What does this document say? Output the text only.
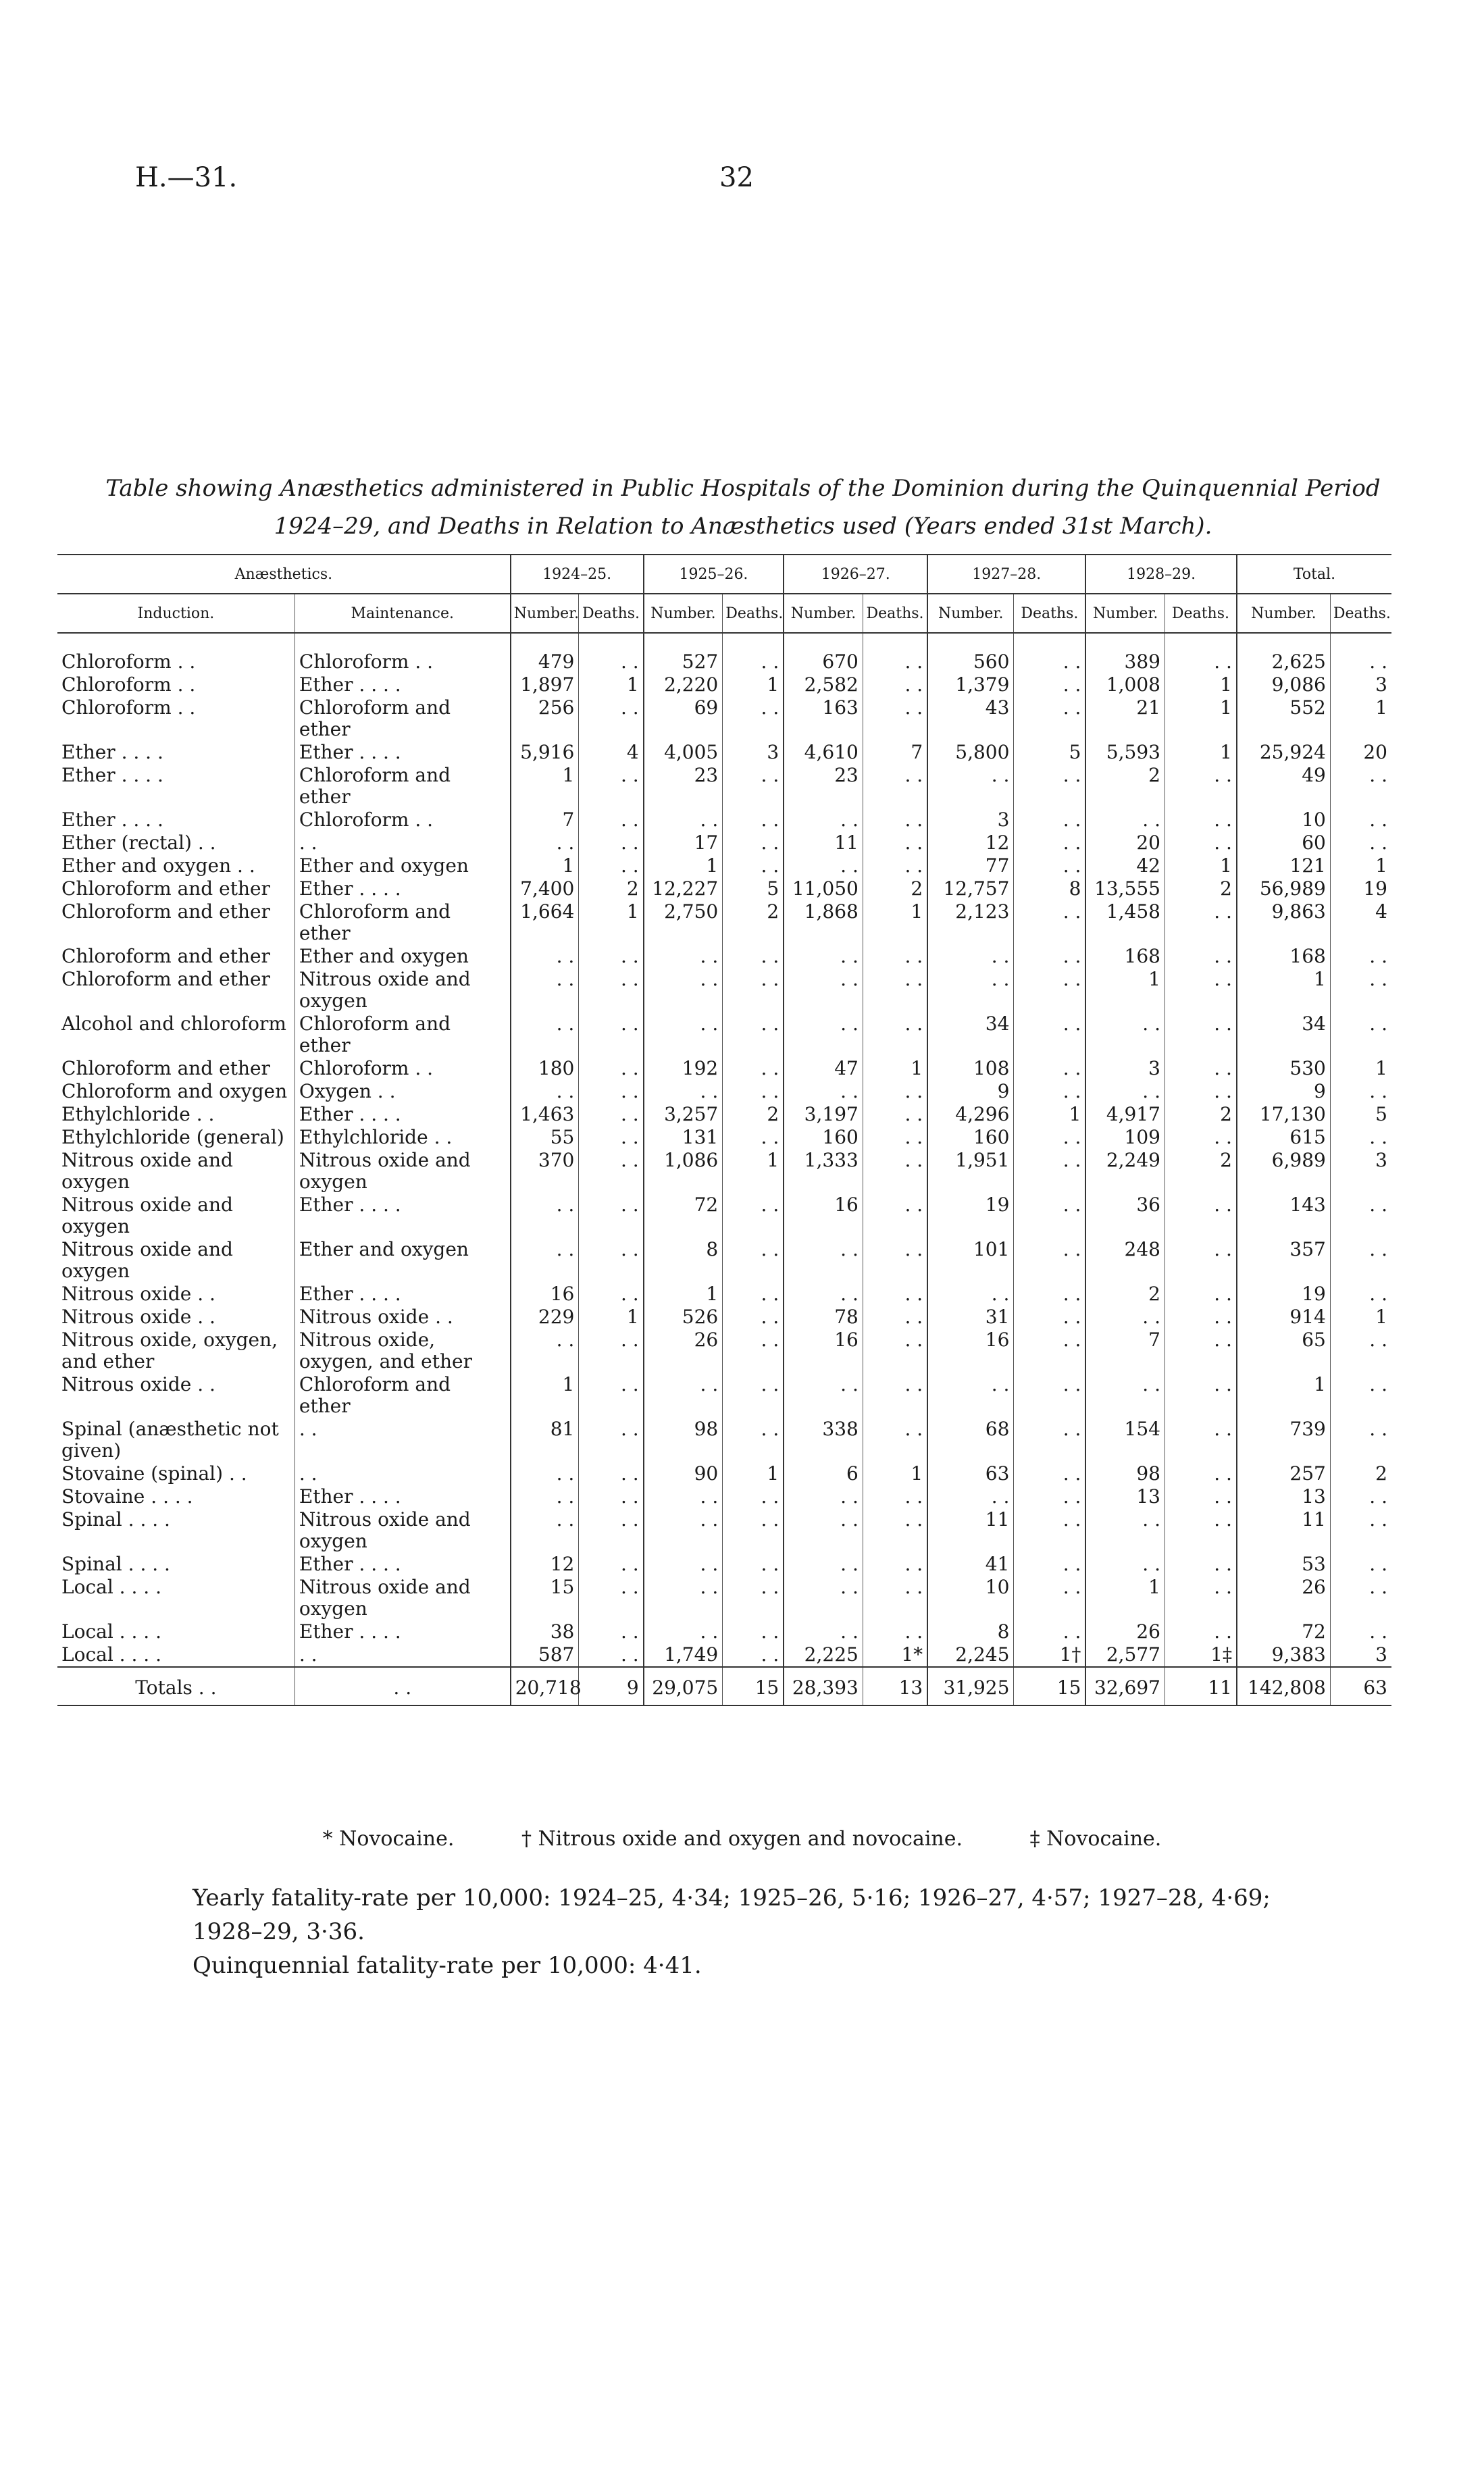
H.—31.	32
Table showing Anæsthetics administered in Public Hospitals of the Dominion during the Quinquennial Period
1924–29, and Deaths in Relation to Anæsthetics used (Years ended 31st March).
Anæsthetics.		1924–25.		1925–26.		1926–27.		1927–28.		1928–29.		Total.	
Induction.	Maintenance.	Number.	Deaths.	Number.	Deaths.	Number.	Deaths.	Number.	Deaths.	Number.	Deaths.	Number.	Deaths.
Chloroform . .	Chloroform . .	479	. .	527	. .	670	. .	560	. .	389	. .	2,625	. .
Chloroform . .	Ether . . . .	1,897	1	2,220	1	2,582	. .	1,379	. .	1,008	1	9,086	3
Chloroform . .	Chloroform and ether	256	. .	69	. .	163	. .	43	. .	21	1	552	1
Ether . . . .	Ether . . . .	5,916	4	4,005	3	4,610	7	5,800	5	5,593	1	25,924	20
Ether . . . .	Chloroform and ether	1	. .	23	. .	23	. .	. .	. .	2	. .	49	. .
Ether . . . .	Chloroform . .	7	. .	. .	. .	. .	. .	3	. .	. .	. .	10	. .
Ether (rectal) . .	. .	. .	. .	17	. .	11	. .	12	. .	20	. .	60	. .
Ether and oxygen . .	Ether and oxygen	1	. .	1	. .	. .	. .	77	. .	42	1	121	1
Chloroform and ether	Ether . . . .	7,400	2	12,227	5	11,050	2	12,757	8	13,555	2	56,989	19
Chloroform and ether	Chloroform and ether	1,664	1	2,750	2	1,868	1	2,123	. .	1,458	. .	9,863	4
Chloroform and ether	Ether and oxygen	. .	. .	. .	. .	. .	. .	. .	. .	168	. .	168	. .
Chloroform and ether	Nitrous oxide and oxygen	. .	. .	. .	. .	. .	. .	. .	. .	1	. .	1	. .
Alcohol and chloroform	Chloroform and ether	. .	. .	. .	. .	. .	. .	34	. .	. .	. .	34	. .
Chloroform and ether	Chloroform . .	180	. .	192	. .	47	1	108	. .	3	. .	530	1
Chloroform and oxygen	Oxygen . .	. .	. .	. .	. .	. .	. .	9	. .	. .	. .	9	. .
Ethylchloride . .	Ether . . . .	1,463	. .	3,257	2	3,197	. .	4,296	1	4,917	2	17,130	5
Ethylchloride (general)	Ethylchloride . .	55	. .	131	. .	160	. .	160	. .	109	. .	615	. .
Nitrous oxide and oxygen	Nitrous oxide and oxygen	370	. .	1,086	1	1,333	. .	1,951	. .	2,249	2	6,989	3
Nitrous oxide and oxygen	Ether . . . .	. .	. .	72	. .	16	. .	19	. .	36	. .	143	. .
Nitrous oxide and oxygen	Ether and oxygen	. .	. .	8	. .	. .	. .	101	. .	248	. .	357	. .
Nitrous oxide . .	Ether . . . .	16	. .	1	. .	. .	. .	. .	. .	2	. .	19	. .
Nitrous oxide . .	Nitrous oxide . .	229	1	526	. .	78	. .	31	. .	. .	. .	914	1
Nitrous oxide, oxygen, and ether	Nitrous oxide, oxygen, and ether	. .	. .	26	. .	16	. .	16	. .	7	. .	65	. .
Nitrous oxide . .	Chloroform and ether	1	. .	. .	. .	. .	. .	. .	. .	. .	. .	1	. .
Spinal (anæsthetic not given)	. .	81	. .	98	. .	338	. .	68	. .	154	. .	739	. .
Stovaine (spinal) . .	. .	. .	. .	90	1	6	1	63	. .	98	. .	257	2
Stovaine . . . .	Ether . . . .	. .	. .	. .	. .	. .	. .	. .	. .	13	. .	13	. .
Spinal . . . .	Nitrous oxide and oxygen	. .	. .	. .	. .	. .	. .	11	. .	. .	. .	11	. .
Spinal . . . .	Ether . . . .	12	. .	. .	. .	. .	. .	41	. .	. .	. .	53	. .
Local . . . .	Nitrous oxide and oxygen	15	. .	. .	. .	. .	. .	10	. .	1	. .	26	. .
Local . . . .	Ether . . . .	38	. .	. .	. .	. .	. .	8	. .	26	. .	72	. .
Local . . . .	. .	587	. .	1,749	. .	2,225	1*	2,245	1†	2,577	1‡	9,383	3
Totals . .	. .	20,718	9	29,075	15	28,393	13	31,925	15	32,697	11	142,808	63
* Novocaine.	† Nitrous oxide and oxygen and novocaine.	‡ Novocaine.
Yearly fatality-rate per 10,000: 1924–25, 4·34; 1925–26, 5·16; 1926–27, 4·57; 1927–28, 4·69; 1928–29, 3·36.
Quinquennial fatality-rate per 10,000: 4·41.
